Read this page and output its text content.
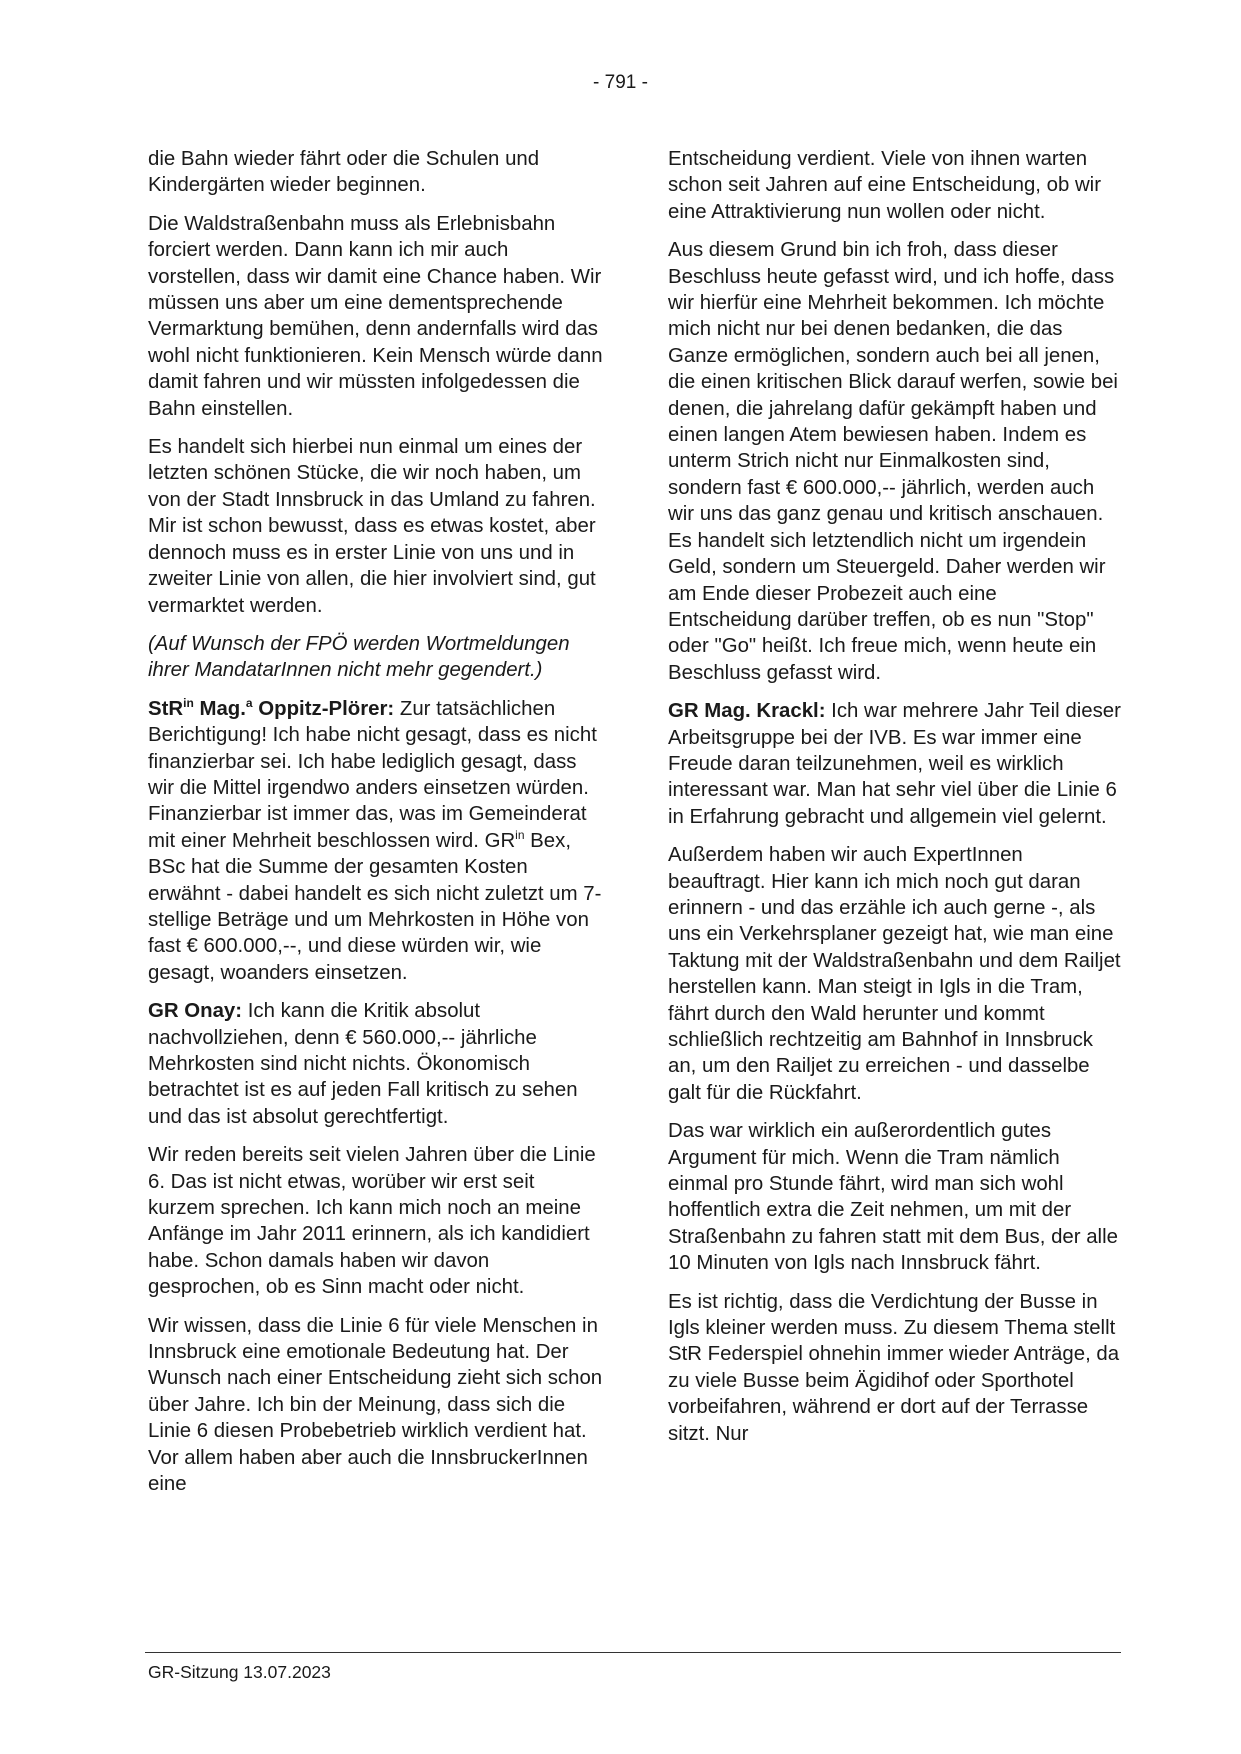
- 791 -

die Bahn wieder fährt oder die Schulen und Kindergärten wieder beginnen.

Die Waldstraßenbahn muss als Erlebnisbahn forciert werden. Dann kann ich mir auch vorstellen, dass wir damit eine Chance haben. Wir müssen uns aber um eine dementsprechende Vermarktung bemühen, denn andernfalls wird das wohl nicht funktionieren. Kein Mensch würde dann damit fahren und wir müssten infolgedessen die Bahn einstellen.

Es handelt sich hierbei nun einmal um eines der letzten schönen Stücke, die wir noch haben, um von der Stadt Innsbruck in das Umland zu fahren. Mir ist schon bewusst, dass es etwas kostet, aber dennoch muss es in erster Linie von uns und in zweiter Linie von allen, die hier involviert sind, gut vermarktet werden.

(Auf Wunsch der FPÖ werden Wortmeldungen ihrer MandatarInnen nicht mehr gegendert.)

StR$^{in}$ Mag.$^a$ Oppitz-Plörer: Zur tatsächlichen Berichtigung! Ich habe nicht gesagt, dass es nicht finanzierbar sei. Ich habe lediglich gesagt, dass wir die Mittel irgendwo anders einsetzen würden. Finanzierbar ist immer das, was im Gemeinderat mit einer Mehrheit beschlossen wird. $GR^{in}$ Bex, BSc hat die Summe der gesamten Kosten erwähnt - dabei handelt es sich nicht zuletzt um 7-stellige Beträge und um Mehrkosten in Höhe von fast € 600.000,--, und diese würden wir, wie gesagt, woanders einsetzen.

GR Onay: Ich kann die Kritik absolut nachvollziehen, denn € 560.000,-- jährliche Mehrkosten sind nicht nichts. Ökonomisch betrachtet ist es auf jeden Fall kritisch zu sehen und das ist absolut gerechtfertigt.

Wir reden bereits seit vielen Jahren über die Linie 6. Das ist nicht etwas, worüber wir erst seit kurzem sprechen. Ich kann mich noch an meine Anfänge im Jahr 2011 erinnern, als ich kandidiert habe. Schon damals haben wir davon gesprochen, ob es Sinn macht oder nicht.

Wir wissen, dass die Linie 6 für viele Menschen in Innsbruck eine emotionale Bedeutung hat. Der Wunsch nach einer Entscheidung zieht sich schon über Jahre. Ich bin der Meinung, dass sich die Linie 6 diesen Probebetrieb wirklich verdient hat. Vor allem haben aber auch die InnsbruckerInnen eine

Entscheidung verdient. Viele von ihnen warten schon seit Jahren auf eine Entscheidung, ob wir eine Attraktivierung nun wollen oder nicht.

Aus diesem Grund bin ich froh, dass dieser Beschluss heute gefasst wird, und ich hoffe, dass wir hierfür eine Mehrheit bekommen. Ich möchte mich nicht nur bei denen bedanken, die das Ganze ermöglichen, sondern auch bei all jenen, die einen kritischen Blick darauf werfen, sowie bei denen, die jahrelang dafür gekämpft haben und einen langen Atem bewiesen haben. Indem es unterm Strich nicht nur Einmalkosten sind, sondern fast € 600.000,-- jährlich, werden auch wir uns das ganz genau und kritisch anschauen. Es handelt sich letztendlich nicht um irgendein Geld, sondern um Steuergeld. Daher werden wir am Ende dieser Probezeit auch eine Entscheidung darüber treffen, ob es nun "Stop" oder "Go" heißt. Ich freue mich, wenn heute ein Beschluss gefasst wird.

GR Mag. Krackl: Ich war mehrere Jahr Teil dieser Arbeitsgruppe bei der IVB. Es war immer eine Freude daran teilzunehmen, weil es wirklich interessant war. Man hat sehr viel über die Linie 6 in Erfahrung gebracht und allgemein viel gelernt.

Außerdem haben wir auch ExpertInnen beauftragt. Hier kann ich mich noch gut daran erinnern - und das erzähle ich auch gerne -, als uns ein Verkehrsplaner gezeigt hat, wie man eine Taktung mit der Waldstraßenbahn und dem Railjet herstellen kann. Man steigt in Igls in die Tram, fährt durch den Wald herunter und kommt schließlich rechtzeitig am Bahnhof in Innsbruck an, um den Railjet zu erreichen - und dasselbe galt für die Rückfahrt.

Das war wirklich ein außerordentlich gutes Argument für mich. Wenn die Tram nämlich einmal pro Stunde fährt, wird man sich wohl hoffentlich extra die Zeit nehmen, um mit der Straßenbahn zu fahren statt mit dem Bus, der alle 10 Minuten von Igls nach Innsbruck fährt.

Es ist richtig, dass die Verdichtung der Busse in Igls kleiner werden muss. Zu diesem Thema stellt StR Federspiel ohnehin immer wieder Anträge, da zu viele Busse beim Ägidihof oder Sporthotel vorbeifahren, während er dort auf der Terrasse sitzt. Nur

GR-Sitzung 13.07.2023
